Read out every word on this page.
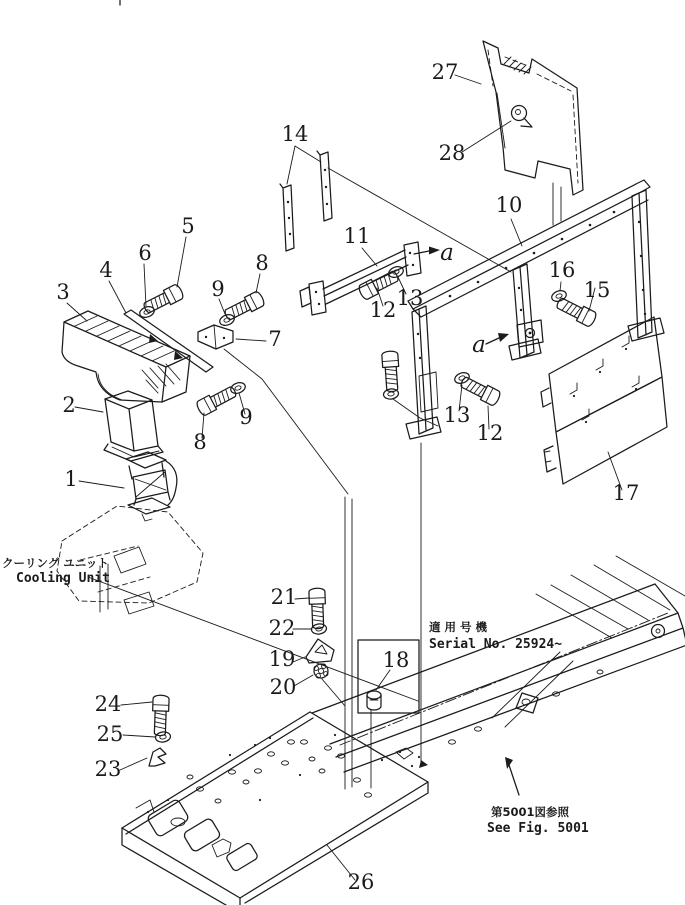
1
2
3
4
5
6
7
8
9
8
9
10
11
12 13
12
13
14
15
16
17
18
19
20
21
22
23
24
25
26
27
28
a
a
クーリング ユニット
Cooling Unit
適 用 号 機
Serial No. 25924~
第5001図参照
See Fig. 5001
